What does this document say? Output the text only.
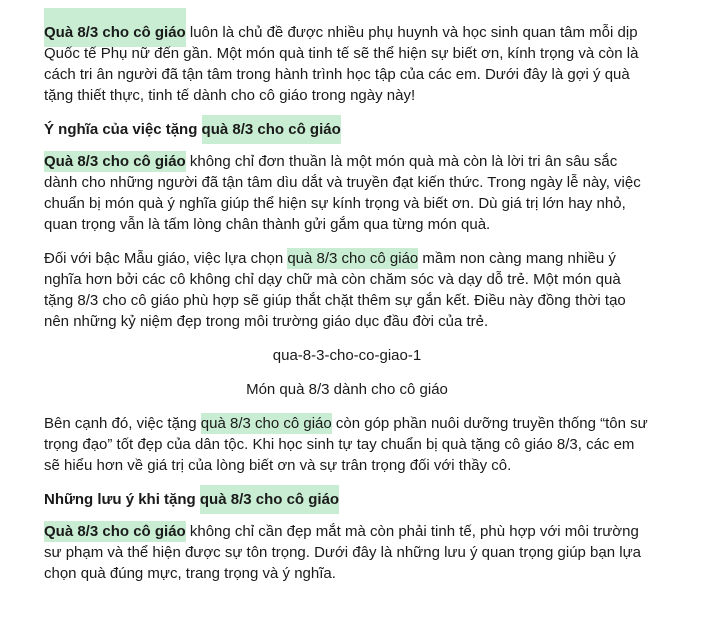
Quà 8/3 cho cô giáo luôn là chủ đề được nhiều phụ huynh và học sinh quan tâm mỗi dịp Quốc tế Phụ nữ đến gần. Một món quà tinh tế sẽ thể hiện sự biết ơn, kính trọng và còn là cách tri ân người đã tận tâm trong hành trình học tập của các em. Dưới đây là gợi ý quà tặng thiết thực, tinh tế dành cho cô giáo trong ngày này!

Ý nghĩa của việc tặng quà 8/3 cho cô giáo

Quà 8/3 cho cô giáo không chỉ đơn thuần là một món quà mà còn là lời tri ân sâu sắc dành cho những người đã tận tâm dìu dắt và truyền đạt kiến thức. Trong ngày lễ này, việc chuẩn bị món quà ý nghĩa giúp thể hiện sự kính trọng và biết ơn. Dù giá trị lớn hay nhỏ, quan trọng vẫn là tấm lòng chân thành gửi gắm qua từng món quà.

Đối với bậc Mẫu giáo, việc lựa chọn quà 8/3 cho cô giáo mầm non càng mang nhiều ý nghĩa hơn bởi các cô không chỉ dạy chữ mà còn chăm sóc và dạy dỗ trẻ. Một món quà tặng 8/3 cho cô giáo phù hợp sẽ giúp thắt chặt thêm sự gắn kết. Điều này đồng thời tạo nên những kỷ niệm đẹp trong môi trường giáo dục đầu đời của trẻ.

qua-8-3-cho-co-giao-1

Món quà 8/3 dành cho cô giáo

Bên cạnh đó, việc tặng quà 8/3 cho cô giáo còn góp phần nuôi dưỡng truyền thống “tôn sư trọng đạo” tốt đẹp của dân tộc. Khi học sinh tự tay chuẩn bị quà tặng cô giáo 8/3, các em sẽ hiểu hơn về giá trị của lòng biết ơn và sự trân trọng đối với thầy cô.

Những lưu ý khi tặng quà 8/3 cho cô giáo

Quà 8/3 cho cô giáo không chỉ cần đẹp mắt mà còn phải tinh tế, phù hợp với môi trường sư phạm và thể hiện được sự tôn trọng. Dưới đây là những lưu ý quan trọng giúp bạn lựa chọn quà đúng mực, trang trọng và ý nghĩa.
